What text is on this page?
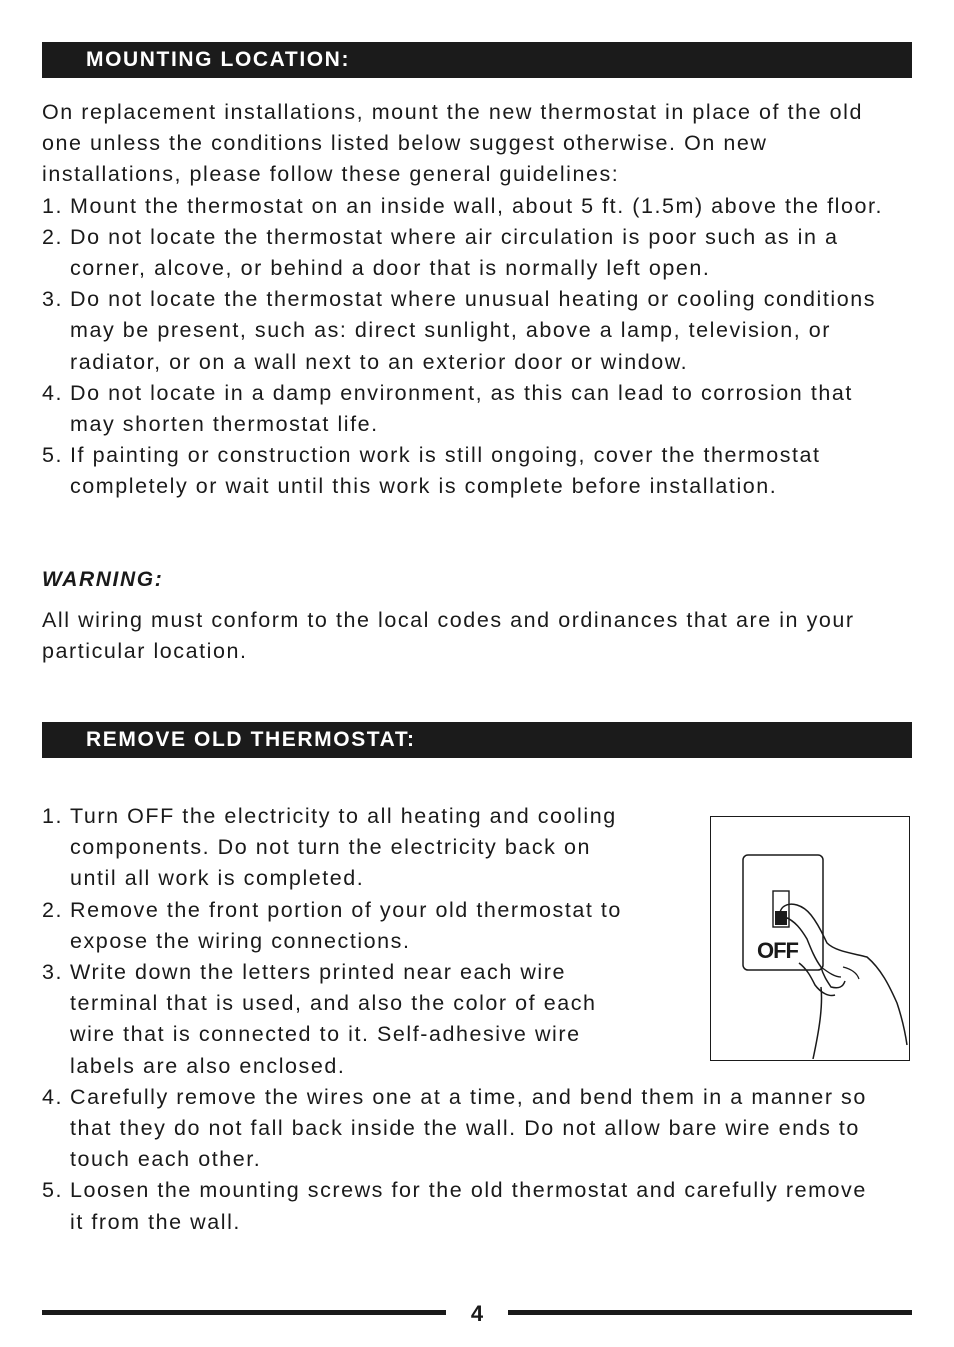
MOUNTING LOCATION:

On replacement installations, mount the new thermostat in place of the old

one unless the conditions listed below suggest otherwise. On new

installations, please follow these general guidelines:

1. Mount the thermostat on an inside wall, about 5 ft. (1.5m) above the floor.
2. Do not locate the thermostat where air circulation is poor such as in a
corner, alcove, or behind a door that is normally left open.
3. Do not locate the thermostat where unusual heating or cooling conditions
may be present, such as: direct sunlight, above a lamp, television, or
radiator, or on a wall next to an exterior door or window.
4. Do not locate in a damp environment, as this can lead to corrosion that
may shorten thermostat life.
5. If painting or construction work is still ongoing, cover the thermostat
completely or wait until this work is complete before installation.
WARNING:

All wiring must conform to the local codes and ordinances that are in your

particular location.

REMOVE OLD THERMOSTAT:
1. Turn OFF the electricity to all heating and cooling
components. Do not turn the electricity back on
until all work is completed.
2. Remove the front portion of your old thermostat to
expose the wiring connections.
3. Write down the letters printed near each wire
terminal that is used, and also the color of each
wire that is connected to it. Self-adhesive wire
labels are also enclosed.
4. Carefully remove the wires one at a time, and bend them in a manner so
that they do not fall back inside the wall. Do not allow bare wire ends to
touch each other.
5. Loosen the mounting screws for the old thermostat and carefully remove
it from the wall.
OFF
4
